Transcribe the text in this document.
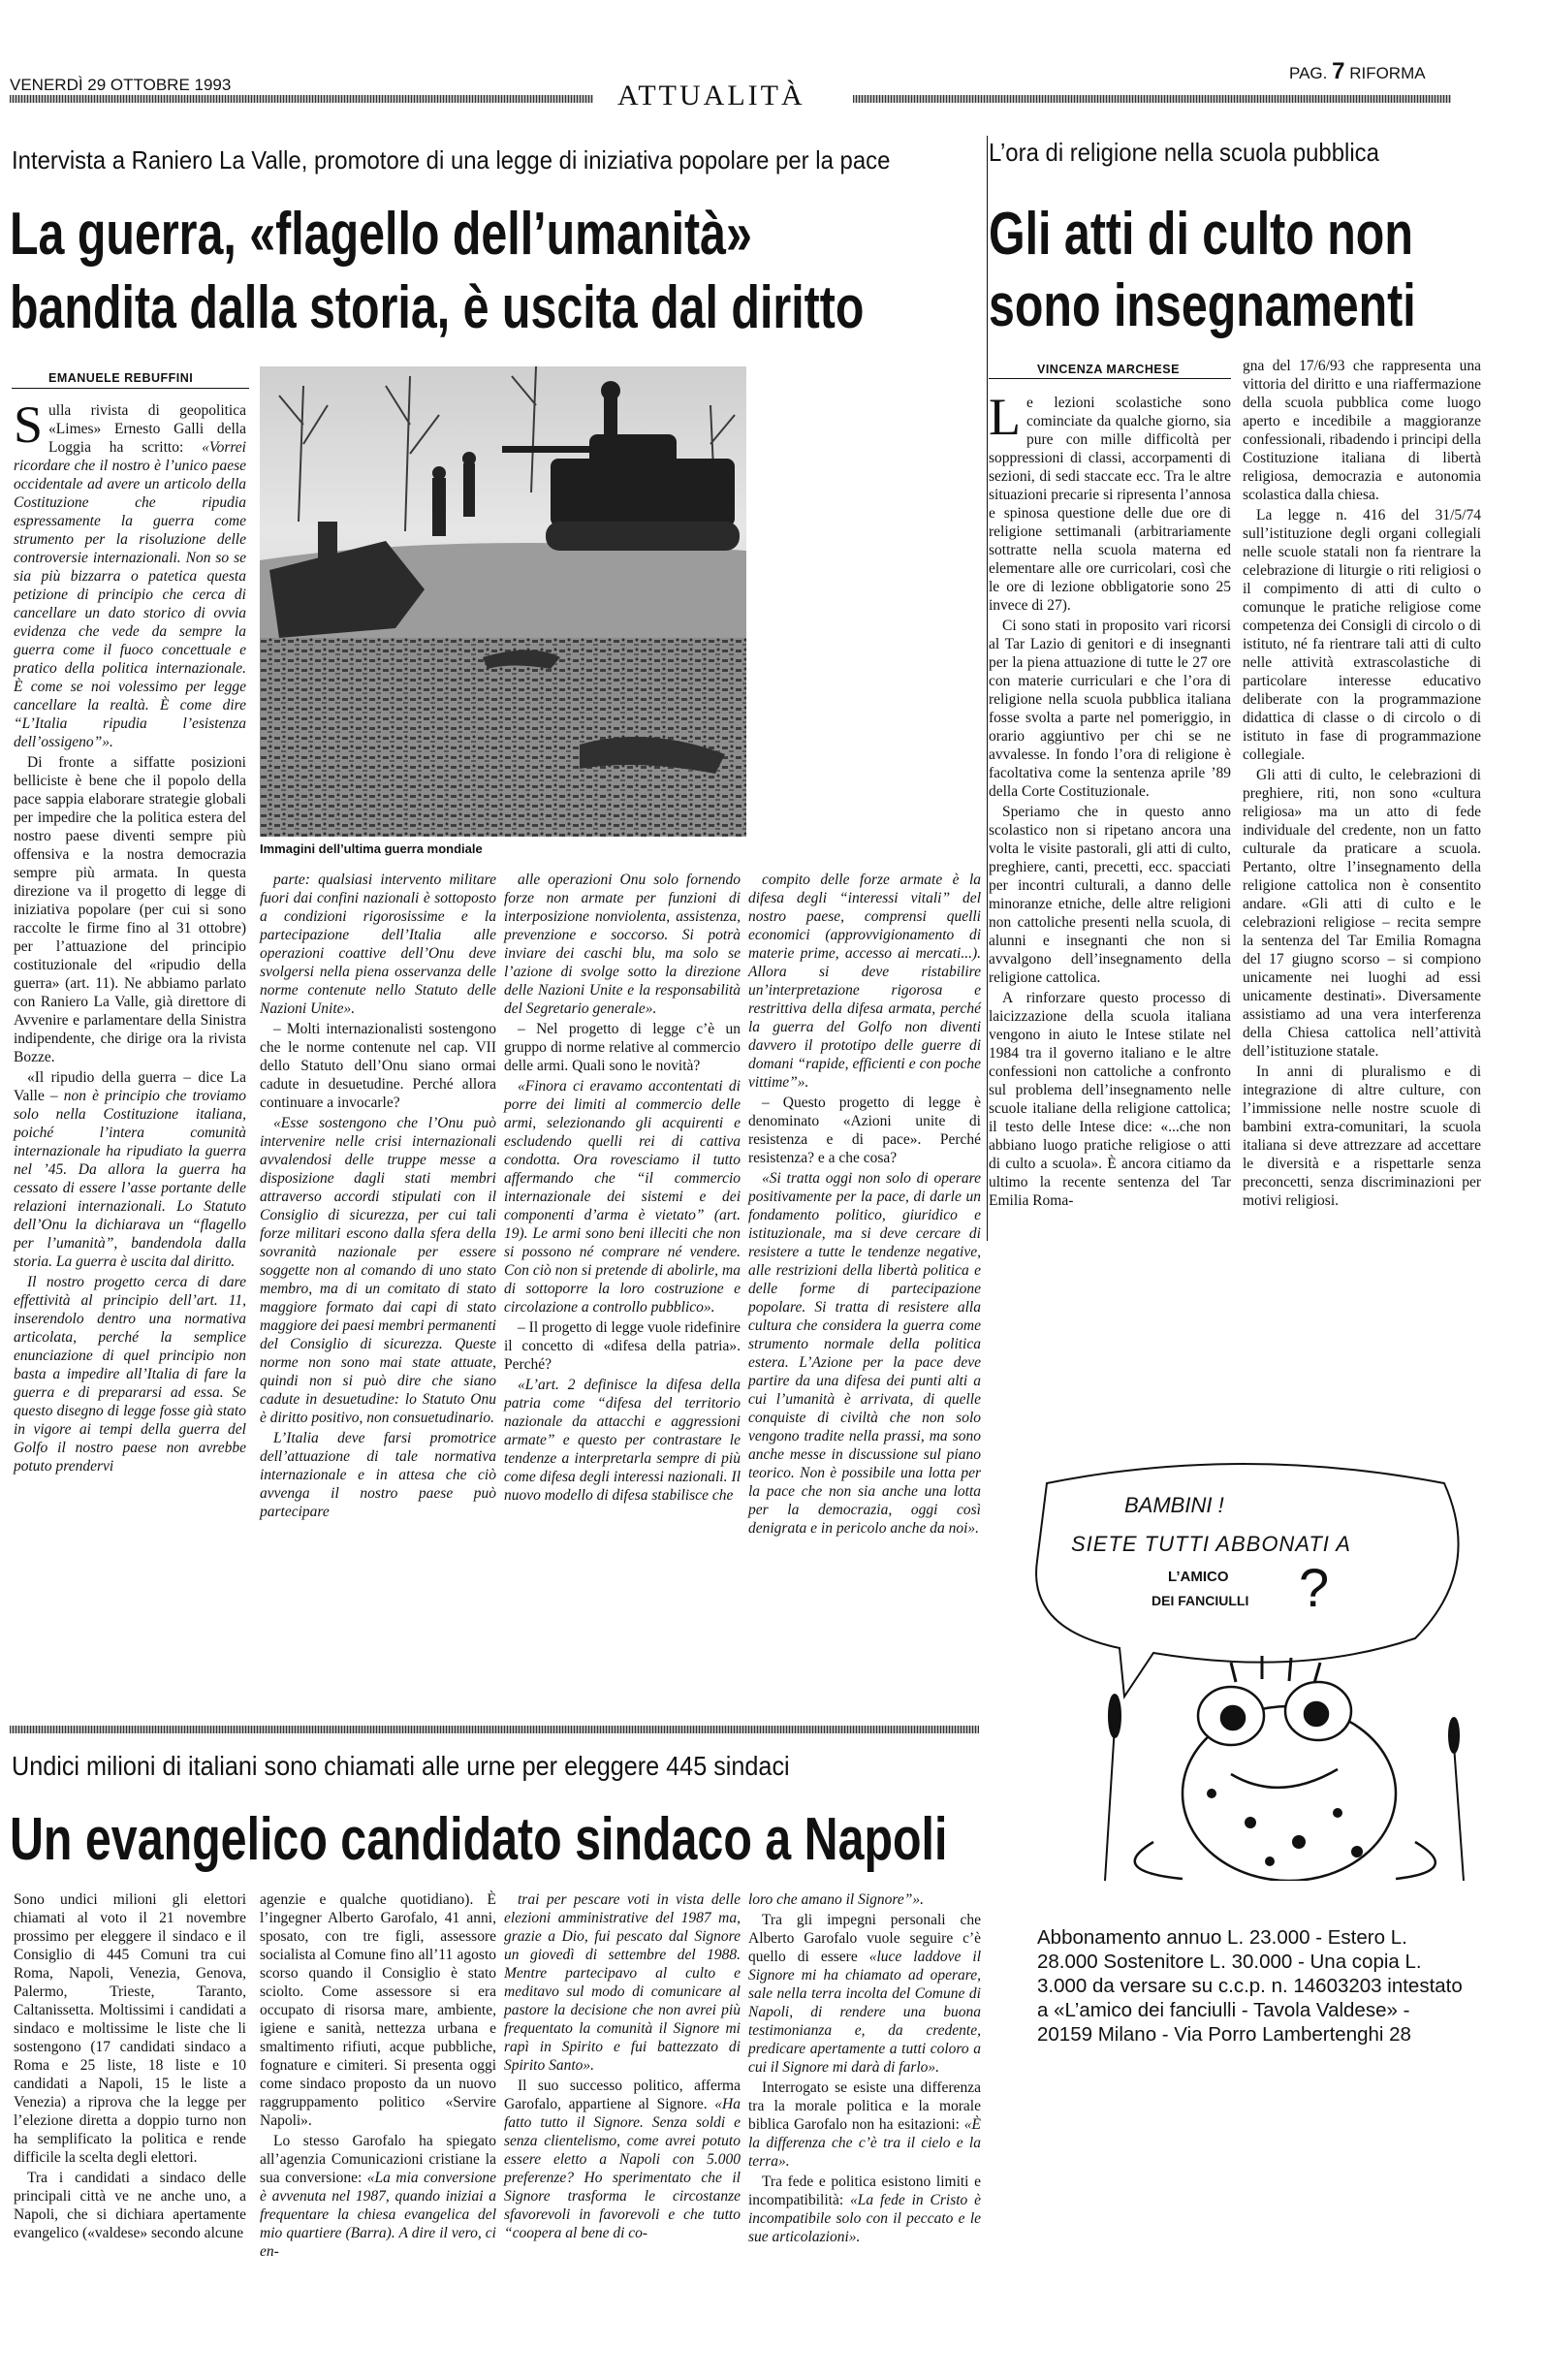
VENERDÌ 29 OTTOBRE 1993	ATTUALITÀ
PAG. 7 RIFORMA
Intervista a Raniero La Valle, promotore di una legge di iniziativa popolare per la pace
La guerra, «flagello dell’umanità»
bandita dalla storia, è uscita dal diritto
EMANUELE REBUFFINI
Immagini dell’ultima guerra mondiale

Sulla rivista di geopolitica «Limes» Ernesto Galli della Loggia ha scritto: «Vorrei ricordare che il nostro è l’unico paese occidentale ad avere un articolo della Costituzione che ripudia espressamente la guerra come strumento per la risoluzione delle controversie internazionali. Non so se sia più bizzarra o patetica questa petizione di principio che cerca di cancellare un dato storico di ovvia evidenza che vede da sempre la guerra come il fuoco concettuale e pratico della politica internazionale. È come se noi volessimo per legge cancellare la realtà. È come dire “L’Italia ripudia l’esistenza dell’ossigeno”».

Di fronte a siffatte posizioni belliciste è bene che il popolo della pace sappia elaborare strategie globali per impedire che la politica estera del nostro paese diventi sempre più offensiva e la nostra democrazia sempre più armata. In questa direzione va il progetto di legge di iniziativa popolare (per cui si sono raccolte le firme fino al 31 ottobre) per l’attuazione del principio costituzionale del «ripudio della guerra» (art. 11). Ne abbiamo parlato con Raniero La Valle, già direttore di Avvenire e parlamentare della Sinistra indipendente, che dirige ora la rivista Bozze.

«Il ripudio della guerra – dice La Valle – non è principio che troviamo solo nella Costituzione italiana, poiché l’intera comunità internazionale ha ripudiato la guerra nel ’45. Da allora la guerra ha cessato di essere l’asse portante delle relazioni internazionali. Lo Statuto dell’Onu la dichiarava un “flagello per l’umanità”, bandendola dalla storia. La guerra è uscita dal diritto.

Il nostro progetto cerca di dare effettività al principio dell’art. 11, inserendolo dentro una normativa articolata, perché la semplice enunciazione di quel principio non basta a impedire all’Italia di fare la guerra e di prepararsi ad essa. Se questo disegno di legge fosse già stato in vigore ai tempi della guerra del Golfo il nostro paese non avrebbe potuto prendervi

parte: qualsiasi intervento militare fuori dai confini nazionali è sottoposto a condizioni rigorosissime e la partecipazione dell’Italia alle operazioni coattive dell’Onu deve svolgersi nella piena osservanza delle norme contenute nello Statuto delle Nazioni Unite».

– Molti internazionalisti sostengono che le norme contenute nel cap. VII dello Statuto dell’Onu siano ormai cadute in desuetudine. Perché allora continuare a invocarle?

«Esse sostengono che l’Onu può intervenire nelle crisi internazionali avvalendosi delle truppe messe a disposizione dagli stati membri attraverso accordi stipulati con il Consiglio di sicurezza, per cui tali forze militari escono dalla sfera della sovranità nazionale per essere soggette non al comando di uno stato membro, ma di un comitato di stato maggiore formato dai capi di stato maggiore dei paesi membri permanenti del Consiglio di sicurezza. Queste norme non sono mai state attuate, quindi non si può dire che siano cadute in desuetudine: lo Statuto Onu è diritto positivo, non consuetudinario.

L’Italia deve farsi promotrice dell’attuazione di tale normativa internazionale e in attesa che ciò avvenga il nostro paese può partecipare

alle operazioni Onu solo fornendo forze non armate per funzioni di interposizione nonviolenta, assistenza, prevenzione e soccorso. Si potrà inviare dei caschi blu, ma solo se l’azione di svolge sotto la direzione delle Nazioni Unite e la responsabilità del Segretario generale».

– Nel progetto di legge c’è un gruppo di norme relative al commercio delle armi. Quali sono le novità?

«Finora ci eravamo accontentati di porre dei limiti al commercio delle armi, selezionando gli acquirenti e escludendo quelli rei di cattiva condotta. Ora rovesciamo il tutto affermando che “il commercio internazionale dei sistemi e dei componenti d’arma è vietato” (art. 19). Le armi sono beni illeciti che non si possono né comprare né vendere. Con ciò non si pretende di abolirle, ma di sottoporre la loro costruzione e circolazione a controllo pubblico».

– Il progetto di legge vuole ridefinire il concetto di «difesa della patria». Perché?

«L’art. 2 definisce la difesa della patria come “difesa del territorio nazionale da attacchi e aggressioni armate” e questo per contrastare le tendenze a interpretarla sempre di più come difesa degli interessi nazionali. Il nuovo modello di difesa stabilisce che

compito delle forze armate è la difesa degli “interessi vitali” del nostro paese, comprensi quelli economici (approvvigionamento di materie prime, accesso ai mercati...). Allora si deve ristabilire un’interpretazione rigorosa e restrittiva della difesa armata, perché la guerra del Golfo non diventi davvero il prototipo delle guerre di domani “rapide, efficienti e con poche vittime”».

– Questo progetto di legge è denominato «Azioni unite di resistenza e di pace». Perché resistenza? e a che cosa?

«Si tratta oggi non solo di operare positivamente per la pace, di darle un fondamento politico, giuridico e istituzionale, ma si deve cercare di resistere a tutte le tendenze negative, alle restrizioni della libertà politica e delle forme di partecipazione popolare. Si tratta di resistere alla cultura che considera la guerra come strumento normale della politica estera. L’Azione per la pace deve partire da una difesa dei punti alti a cui l’umanità è arrivata, di quelle conquiste di civiltà che non solo vengono tradite nella prassi, ma sono anche messe in discussione sul piano teorico. Non è possibile una lotta per la pace che non sia anche una lotta per la democrazia, oggi così denigrata e in pericolo anche da noi».

L’ora di religione nella scuola pubblica
Gli atti di culto non
sono insegnamenti
VINCENZA MARCHESE

Le lezioni scolastiche sono cominciate da qualche giorno, sia pure con mille difficoltà per soppressioni di classi, accorpamenti di sezioni, di sedi staccate ecc. Tra le altre situazioni precarie si ripresenta l’annosa e spinosa questione delle due ore di religione settimanali (arbitrariamente sottratte nella scuola materna ed elementare alle ore curricolari, così che le ore di lezione obbligatorie sono 25 invece di 27).

Ci sono stati in proposito vari ricorsi al Tar Lazio di genitori e di insegnanti per la piena attuazione di tutte le 27 ore con materie curriculari e che l’ora di religione nella scuola pubblica italiana fosse svolta a parte nel pomeriggio, in orario aggiuntivo per chi se ne avvalesse. In fondo l’ora di religione è facoltativa come la sentenza aprile ’89 della Corte Costituzionale.

Speriamo che in questo anno scolastico non si ripetano ancora una volta le visite pastorali, gli atti di culto, preghiere, canti, precetti, ecc. spacciati per incontri culturali, a danno delle minoranze etniche, delle altre religioni non cattoliche presenti nella scuola, di alunni e insegnanti che non si avvalgono dell’insegnamento della religione cattolica.

A rinforzare questo processo di laicizzazione della scuola italiana vengono in aiuto le Intese stilate nel 1984 tra il governo italiano e le altre confessioni non cattoliche a confronto sul problema dell’insegnamento nelle scuole italiane della religione cattolica; il testo delle Intese dice: «...che non abbiano luogo pratiche religiose o atti di culto a scuola». È ancora citiamo da ultimo la recente sentenza del Tar Emilia Roma-

gna del 17/6/93 che rappresenta una vittoria del diritto e una riaffermazione della scuola pubblica come luogo aperto e incedibile a maggioranze confessionali, ribadendo i principi della Costituzione italiana di libertà religiosa, democrazia e autonomia scolastica dalla chiesa.

La legge n. 416 del 31/5/74 sull’istituzione degli organi collegiali nelle scuole statali non fa rientrare la celebrazione di liturgie o riti religiosi o il compimento di atti di culto o comunque le pratiche religiose come competenza dei Consigli di circolo o di istituto, né fa rientrare tali atti di culto nelle attività extrascolastiche di particolare interesse educativo deliberate con la programmazione didattica di classe o di circolo o di istituto in fase di programmazione collegiale.

Gli atti di culto, le celebrazioni di preghiere, riti, non sono «cultura religiosa» ma un atto di fede individuale del credente, non un fatto culturale da praticare a scuola. Pertanto, oltre l’insegnamento della religione cattolica non è consentito andare. «Gli atti di culto e le celebrazioni religiose – recita sempre la sentenza del Tar Emilia Romagna del 17 giugno scorso – si compiono unicamente nei luoghi ad essi unicamente destinati». Diversamente assistiamo ad una vera interferenza della Chiesa cattolica nell’attività dell’istituzione statale.

In anni di pluralismo e di integrazione di altre culture, con l’immissione nelle nostre scuole di bambini extra-comunitari, la scuola italiana si deve attrezzare ad accettare le diversità e a rispettarle senza preconcetti, senza discriminazioni per motivi religiosi.

BAMBINI !
SIETE TUTTI ABBONATI A
L’AMICO
DEI FANCIULLI ?
Abbonamento annuo L. 23.000 - Estero L. 28.000 Sostenitore L. 30.000 - Una copia L. 3.000 da versare su c.c.p. n. 14603203 intestato a «L’amico dei fanciulli - Tavola Valdese» - 20159 Milano - Via Porro Lambertenghi 28
Undici milioni di italiani sono chiamati alle urne per eleggere 445 sindaci
Un evangelico candidato sindaco a Napoli

Sono undici milioni gli elettori chiamati al voto il 21 novembre prossimo per eleggere il sindaco e il Consiglio di 445 Comuni tra cui Roma, Napoli, Venezia, Genova, Palermo, Trieste, Taranto, Caltanissetta. Moltissimi i candidati a sindaco e moltissime le liste che li sostengono (17 candidati sindaco a Roma e 25 liste, 18 liste e 10 candidati a Napoli, 15 le liste a Venezia) a riprova che la legge per l’elezione diretta a doppio turno non ha semplificato la politica e rende difficile la scelta degli elettori.

Tra i candidati a sindaco delle principali città ve ne anche uno, a Napoli, che si dichiara apertamente evangelico («valdese» secondo alcune

agenzie e qualche quotidiano). È l’ingegner Alberto Garofalo, 41 anni, sposato, con tre figli, assessore socialista al Comune fino all’11 agosto scorso quando il Consiglio è stato sciolto. Come assessore si era occupato di risorsa mare, ambiente, igiene e sanità, nettezza urbana e smaltimento rifiuti, acque pubbliche, fognature e cimiteri. Si presenta oggi come sindaco proposto da un nuovo raggruppamento politico «Servire Napoli».

Lo stesso Garofalo ha spiegato all’agenzia Comunicazioni cristiane la sua conversione: «La mia conversione è avvenuta nel 1987, quando iniziai a frequentare la chiesa evangelica del mio quartiere (Barra). A dire il vero, ci en-

trai per pescare voti in vista delle elezioni amministrative del 1987 ma, grazie a Dio, fui pescato dal Signore un giovedì di settembre del 1988. Mentre partecipavo al culto e meditavo sul modo di comunicare al pastore la decisione che non avrei più frequentato la comunità il Signore mi rapì in Spirito e fui battezzato di Spirito Santo».

Il suo successo politico, afferma Garofalo, appartiene al Signore. «Ha fatto tutto il Signore. Senza soldi e senza clientelismo, come avrei potuto essere eletto a Napoli con 5.000 preferenze? Ho sperimentato che il Signore trasforma le circostanze sfavorevoli in favorevoli e che tutto “coopera al bene di co-

loro che amano il Signore”».

Tra gli impegni personali che Alberto Garofalo vuole seguire c’è quello di essere «luce laddove il Signore mi ha chiamato ad operare, sale nella terra incolta del Comune di Napoli, di rendere una buona testimonianza e, da credente, predicare apertamente a tutti coloro a cui il Signore mi darà di farlo».

Interrogato se esiste una differenza tra la morale politica e la morale biblica Garofalo non ha esitazioni: «È la differenza che c’è tra il cielo e la terra».

Tra fede e politica esistono limiti e incompatibilità: «La fede in Cristo è incompatibile solo con il peccato e le sue articolazioni».
